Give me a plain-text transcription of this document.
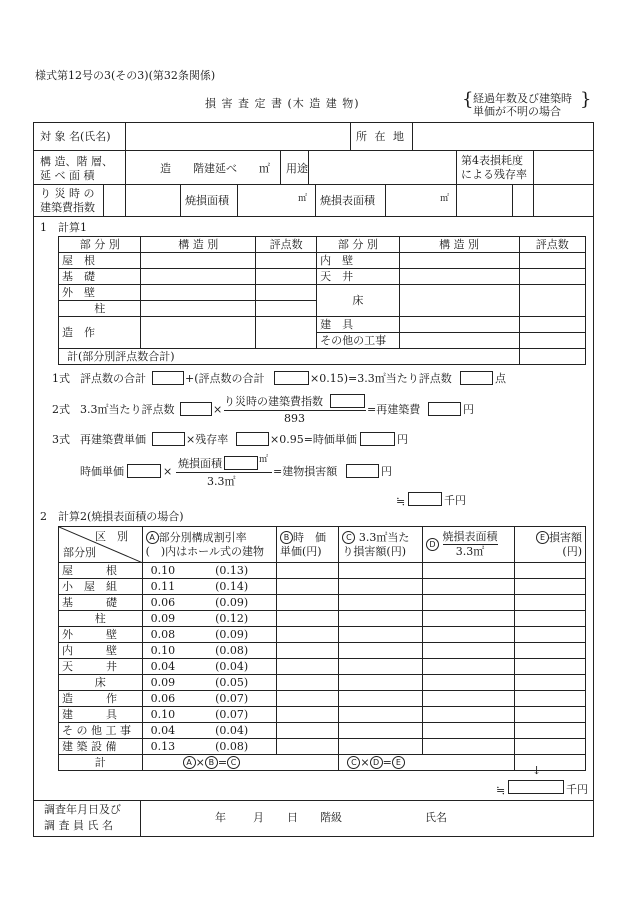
様式第12号の3(その3)(第32条関係)
損 害 査 定 書 (木 造 建 物)	{	}
経過年数及び建築時
単価が不明の場合
対 象 名(氏名)	所 在 地
構 造、階 層、
延 べ 面 積
造　　階建延べ　　㎡ 用途
第4表損耗度
による残存率
り 災 時 の
建築費指数
焼損面積	㎡ 焼損表面積	㎡
1　計算1
部 分 別	構 造 別	評点数	部 分 別	構 造 別	評点数
屋　根			内　壁		
基　礎			天　井		
外　壁			床		
柱					
造　作			建　具		
			その他の工事		
計(部分別評点数合計)					
1式 評点数の合計	+(評点数の合計	×0.15)=3.3㎡当たり評点数	点
2式 3.3㎡当たり評点数	×
り災時の建築費指数
893
=再建築費	円
3式 再建築費単価	×残存率	×0.95=時価単価	円
時価単価	×
焼損面積	㎡
3.3㎡
=建物損害額	円
≒	千円
2　計算2(焼損表面積の場合)
区　別
部分別	A 部分別構成割引率
(　)内はホール式の建物	B 時　価
単価(円)	C 3.3㎡当た
り損害額(円)	D
焼損表面積
3.3㎡	E 損害額
(円)
屋　　　根	0.10 (0.13)				
小　屋　組	0.11 (0.14)				
基　　　礎	0.06 (0.09)				
柱	0.09 (0.12)				
外　　　壁	0.08 (0.09)				
内　　　壁	0.10 (0.08)				
天　　　井	0.04 (0.04)				
床	0.09 (0.05)				
造　　　作	0.06 (0.07)				
建　　　具	0.10 (0.07)				
そ の 他 工 事	0.04 (0.04)				
建 築 設 備	0.13 (0.08)				
計	A × B = C		C × D = E		
↓
≒	千円
調査年月日及び
調 査 員 氏 名
年 月 日 階級	氏名
